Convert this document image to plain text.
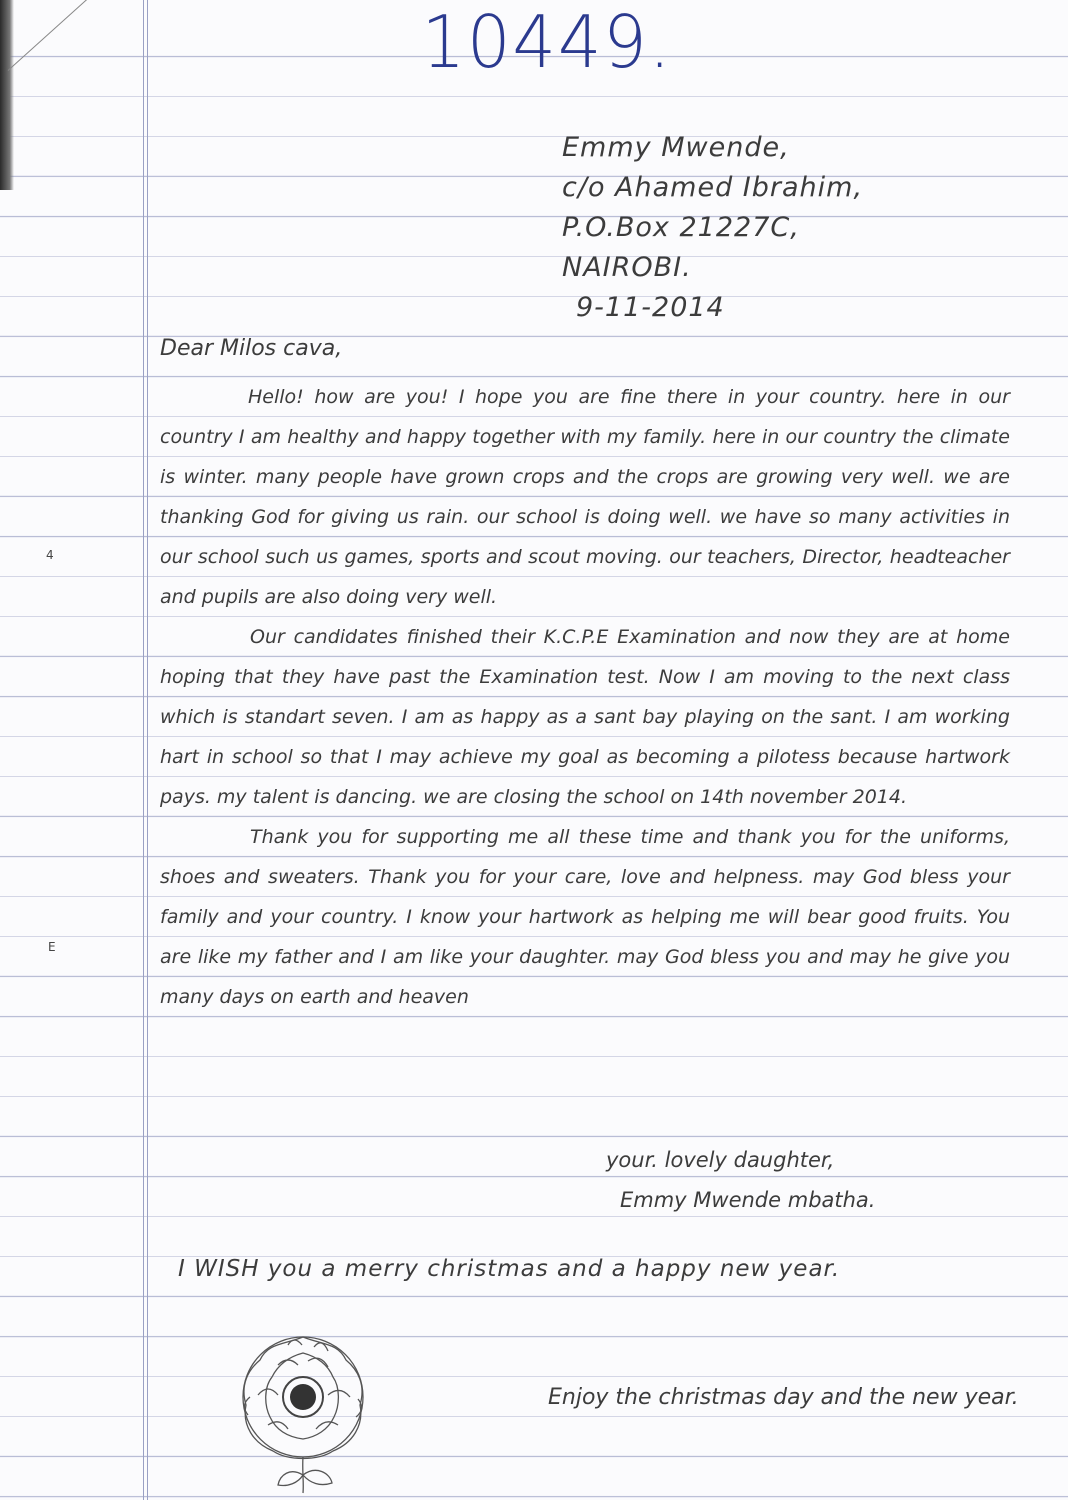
10449.
Emmy Mwende,
c/o Ahamed Ibrahim,
P.O.Box 21227C,
NAIROBI.
9-11-2014
Dear Milos cava,

Hello! how are you! I hope you are fine there in your country. here in our country I am healthy and happy together with my family. here in our country the climate is winter. many people have grown crops and the crops are growing very well. we are thanking God for giving us rain. our school is doing well. we have so many activities in our school such us games, sports and scout moving. our teachers, Director, headteacher and pupils are also doing very well.

Our candidates finished their K.C.P.E Examination and now they are at home hoping that they have past the Examination test. Now I am moving to the next class which is standart seven. I am as happy as a sant bay playing on the sant. I am working hart in school so that I may achieve my goal as becoming a pilotess because hartwork pays. my talent is dancing. we are closing the school on 14th november 2014.

Thank you for supporting me all these time and thank you for the uniforms, shoes and sweaters. Thank you for your care, love and helpness. may God bless your family and your country. I know your hartwork as helping me will bear good fruits. You are like my father and I am like your daughter. may God bless you and may he give you many days on earth and heaven

your. lovely daughter,
Emmy Mwende mbatha.
I WISH you a merry christmas and a happy new year.
Enjoy the christmas day and the new year.
4
E
